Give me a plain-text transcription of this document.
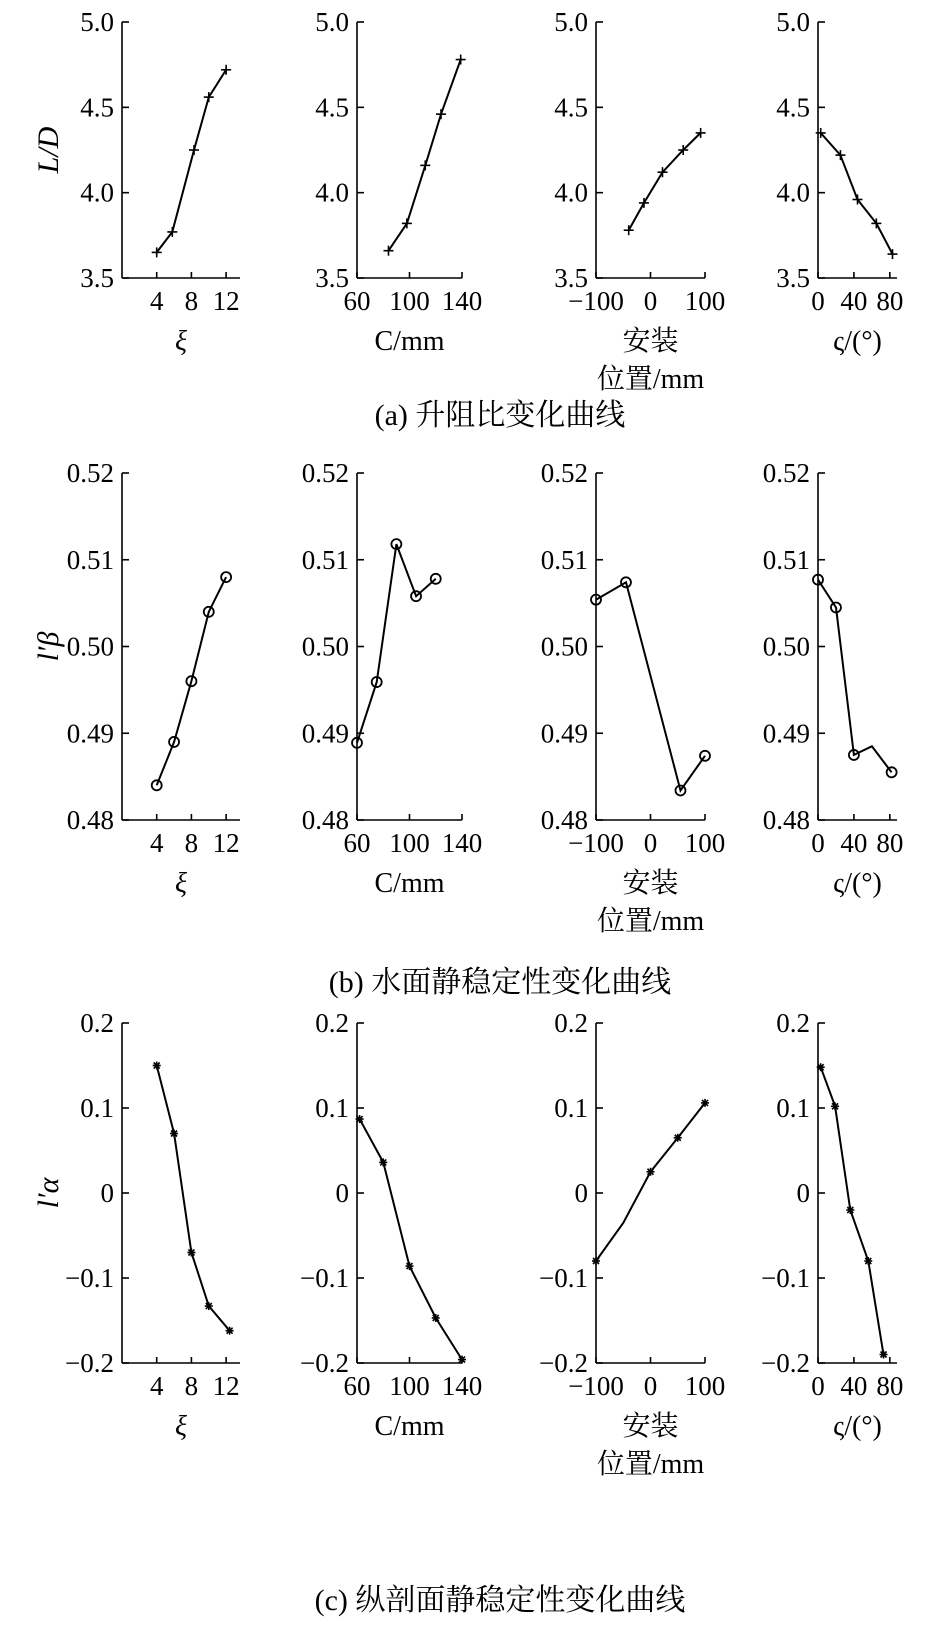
3.5
4.0
4.5
5.0
4 8 12
ξ
L/D
3.5
4.0
4.5
5.0
60 100 140
C/mm
3.5
4.0
4.5
5.0
−100 0 100
安装
位置/mm
3.5
4.0
4.5
5.0
0 40 80
ς/(°)
0.48
0.49
0.50
0.51
0.52
4 8 12
ξ
l′β
0.48
0.49
0.50
0.51
0.52
60 100 140
C/mm
0.48
0.49
0.50
0.51
0.52
−100 0 100
安装
位置/mm
0.48
0.49
0.50
0.51
0.52
0 40 80
ς/(°)
−0.2
−0.1
0
0.1
0.2
4 8 12
ξ
l′α
−0.2
−0.1
0
0.1
0.2
60 100 140
C/mm
−0.2
−0.1
0
0.1
0.2
−100 0 100
安装
位置/mm
−0.2
−0.1
0
0.1
0.2
0 40 80
ς/(°)
(a) 升阻比变化曲线
(b) 水面静稳定性变化曲线
(c) 纵剖面静稳定性变化曲线
